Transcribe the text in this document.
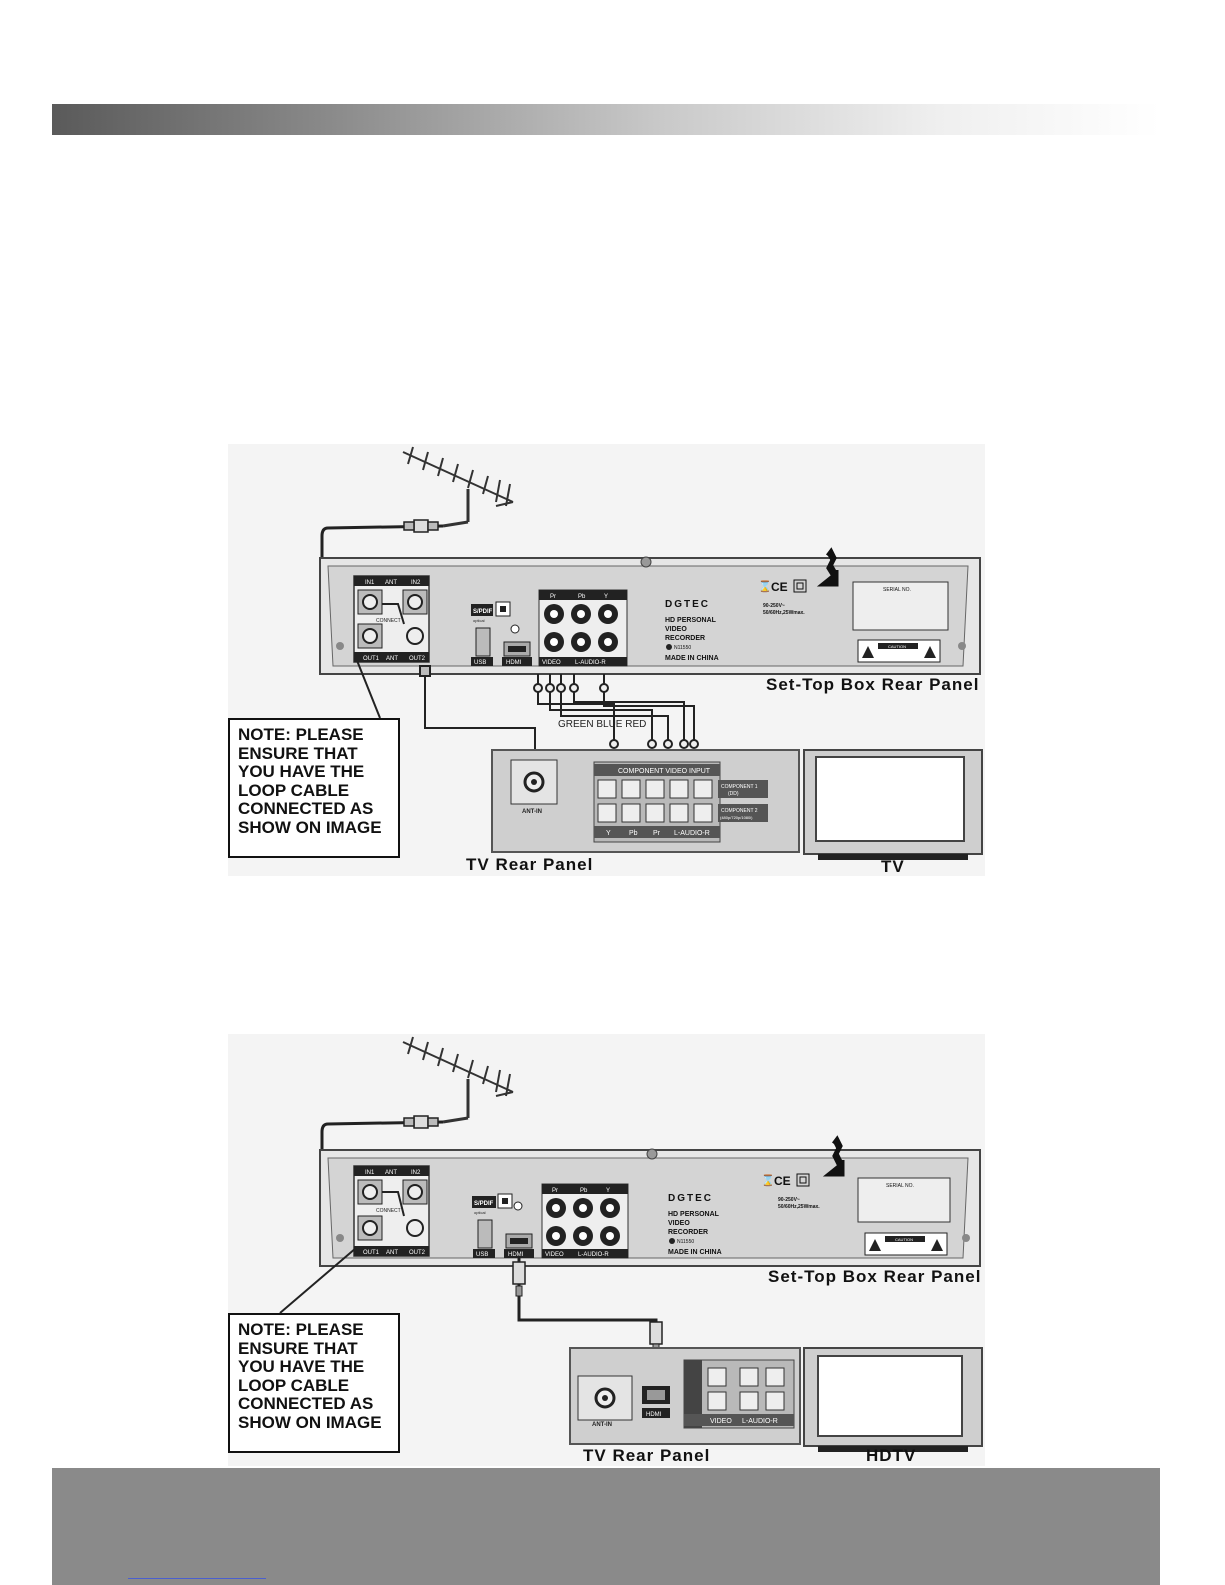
IN1 ANT IN2
CONNECT
OUT1 ANT OUT2
S/PDIF
optical
USB	HDMI
Pr	Pb	Y
VIDEO L-AUDIO-R
DGTEC
HD PERSONAL
VIDEO
RECORDER
N11550
MADE IN CHINA
⌛ CE
90-250V~
50/60Hz,25Wmax.
SERIAL NO.
CAUTION
GREEN BLUE RED
ANT-IN
COMPONENT VIDEO INPUT
COMPONENT 1
(DD)
COMPONENT 2
(480p/720p/1080i)
Y	Pb Pr L-AUDIO-R
NOTE: PLEASE
ENSURE THAT
YOU HAVE THE
LOOP CABLE
CONNECTED AS
SHOW ON IMAGE
Set-Top Box Rear Panel
TV Rear Panel	TV
IN1 ANT IN2
CONNECT
OUT1 ANT OUT2
S/PDIF
optical
USB	HDMI
Pr	Pb	Y
VIDEO L-AUDIO-R
DGTEC
HD PERSONAL
VIDEO
RECORDER
N11550
MADE IN CHINA
⌛ CE
90-250V~
50/60Hz,25Wmax.
SERIAL NO.
CAUTION
ANT-IN
HDMI
VIDEO L-AUDIO-R
NOTE: PLEASE
ENSURE THAT
YOU HAVE THE
LOOP CABLE
CONNECTED AS
SHOW ON IMAGE
Set-Top Box Rear Panel
TV Rear Panel	HDTV
